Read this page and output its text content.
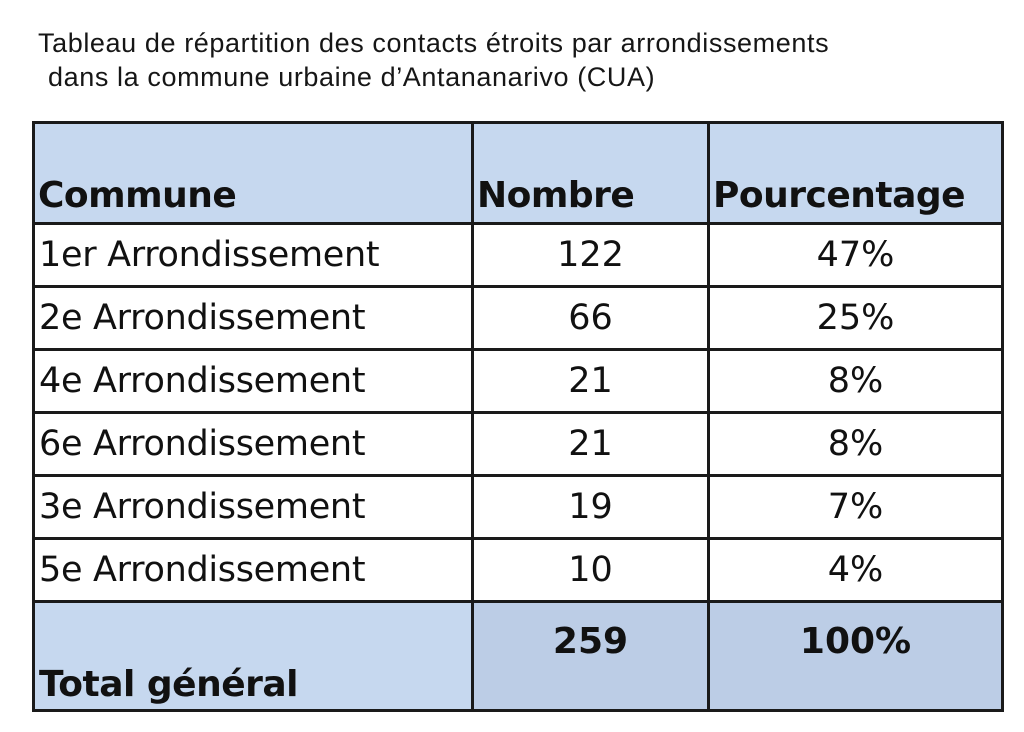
Tableau de répartition des contacts étroits par arrondissements
dans la commune urbaine d’Antananarivo (CUA)
Commune	Nombre	Pourcentage
1er Arrondissement	122	47%
2e Arrondissement	66	25%
4e Arrondissement	21	8%
6e Arrondissement	21	8%
3e Arrondissement	19	7%
5e Arrondissement	10	4%
Total général	259	100%
